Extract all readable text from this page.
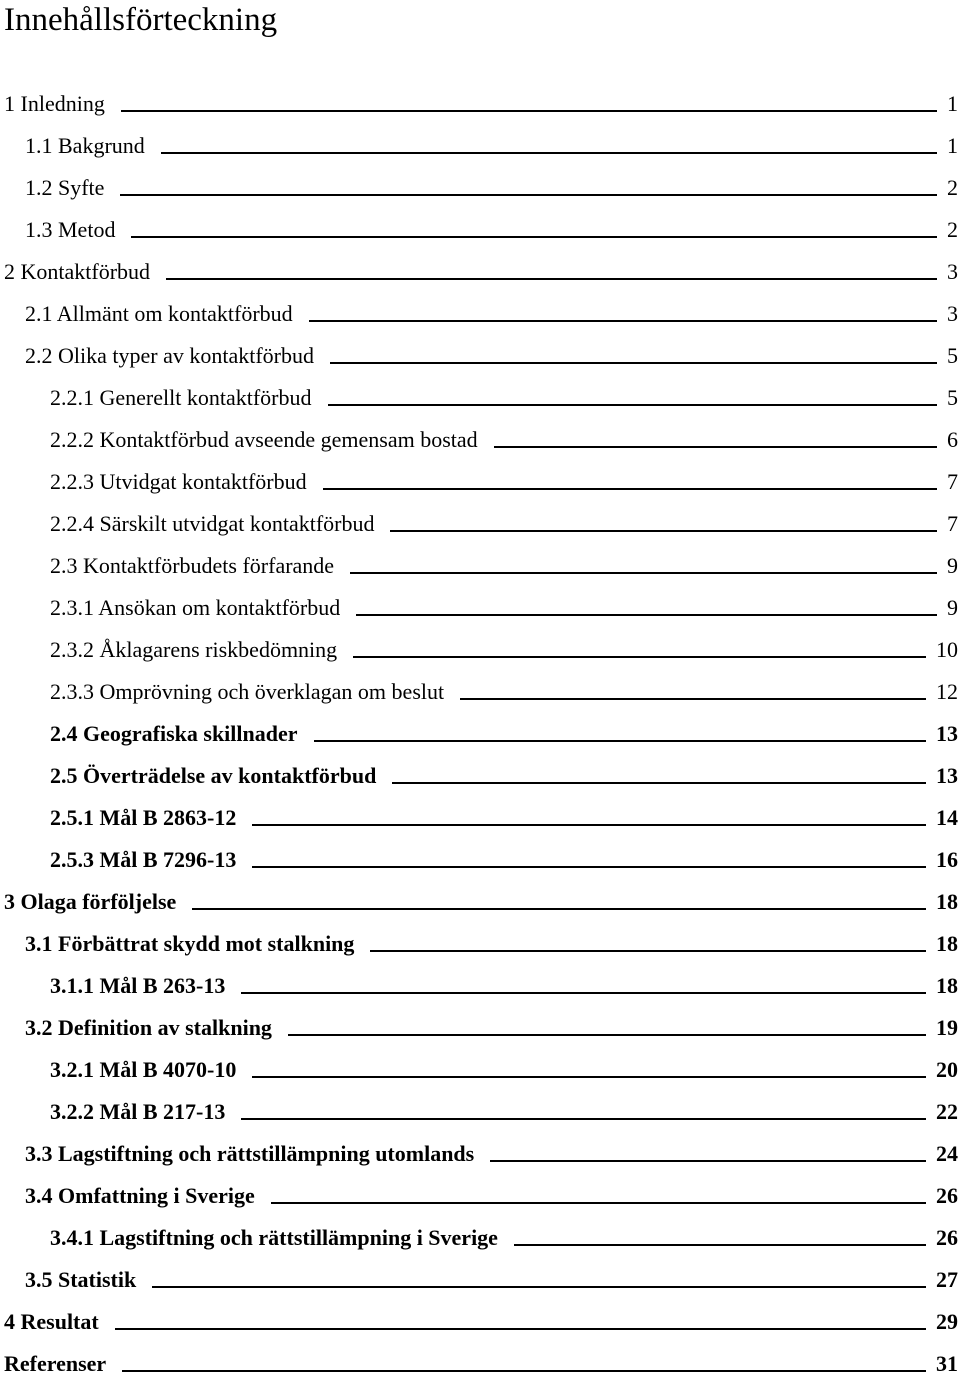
Innehållsförteckning
1 Inledning	1
1.1 Bakgrund	1
1.2 Syfte	2
1.3 Metod	2
2 Kontaktförbud	3
2.1 Allmänt om kontaktförbud	3
2.2 Olika typer av kontaktförbud	5
2.2.1 Generellt kontaktförbud	5
2.2.2 Kontaktförbud avseende gemensam bostad	6
2.2.3 Utvidgat kontaktförbud	7
2.2.4 Särskilt utvidgat kontaktförbud	7
2.3 Kontaktförbudets förfarande	9
2.3.1 Ansökan om kontaktförbud	9
2.3.2 Åklagarens riskbedömning	10
2.3.3 Omprövning och överklagan om beslut	12
2.4 Geografiska skillnader	13
2.5 Överträdelse av kontaktförbud	13
2.5.1 Mål B 2863-12	14
2.5.3 Mål B 7296-13	16
3 Olaga förföljelse	18
3.1 Förbättrat skydd mot stalkning	18
3.1.1 Mål B 263-13	18
3.2 Definition av stalkning	19
3.2.1 Mål B 4070-10	20
3.2.2 Mål B 217-13	22
3.3 Lagstiftning och rättstillämpning utomlands	24
3.4 Omfattning i Sverige	26
3.4.1 Lagstiftning och rättstillämpning i Sverige	26
3.5 Statistik	27
4 Resultat	29
Referenser	31
